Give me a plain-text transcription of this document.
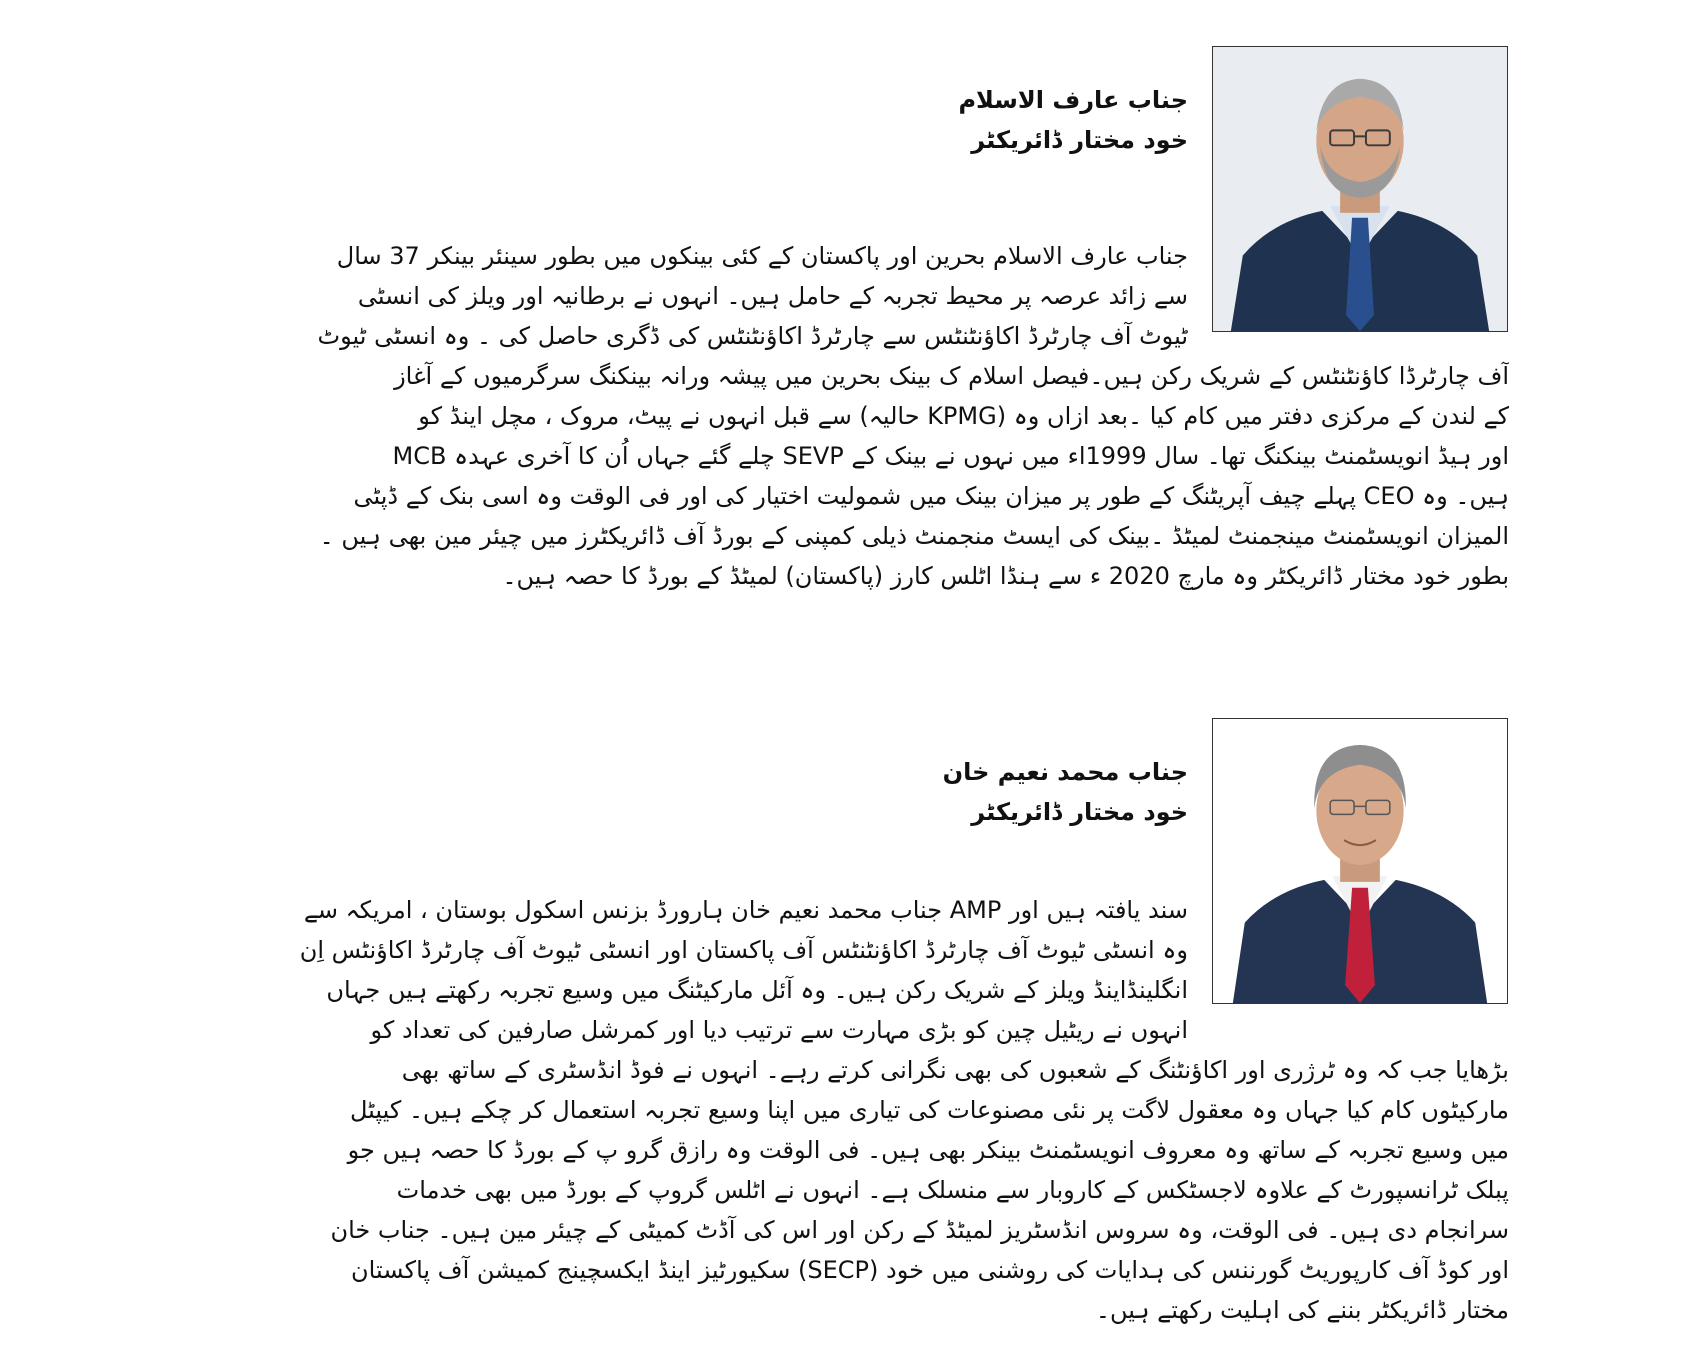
جناب عارف الاسلام
خود مختار ڈائریکٹر
جناب عارف الاسلام بحرین اور پاکستان کے کئی بینکوں میں بطور سینئر بینکر 37 سال
سے زائد عرصہ پر محیط تجربہ کے حامل ہیں۔ انہوں نے برطانیہ اور ویلز کی انسٹی
ٹیوٹ آف چارٹرڈ اکاؤنٹنٹس سے چارٹرڈ اکاؤنٹنٹس کی ڈگری حاصل کی ۔ وہ انسٹی ٹیوٹ
آف چارٹرڈا کاؤنٹنٹس کے شریک رکن ہیں۔فیصل اسلام ک بینک بحرین میں پیشہ ورانہ بینکنگ سرگرمیوں کے آغاز
کے لندن کے مرکزی دفتر میں کام کیا ۔بعد ازاں وہ (KPMG حالیہ) سے قبل انہوں نے پیٹ، مروک ، مچل اینڈ کو
اور ہیڈ انویسٹمنٹ بینکنگ تھا۔ سال 1999اء میں نہوں نے بینک کے SEVP چلے گئے جہاں اُن کا آخری عہدہ MCB
ہیں۔ وہ CEO پہلے چیف آپریٹنگ کے طور پر میزان بینک میں شمولیت اختیار کی اور فی الوقت وہ اسی بنک کے ڈپٹی
المیزان انویسٹمنٹ مینجمنٹ لمیٹڈ ۔بینک کی ایسٹ منجمنٹ ذیلی کمپنی کے بورڈ آف ڈائریکٹرز میں چیئر مین بھی ہیں ۔
بطور خود مختار ڈائریکٹر وہ مارچ 2020 ء سے ہنڈا اٹلس کارز (پاکستان) لمیٹڈ کے بورڈ کا حصہ ہیں۔
جناب محمد نعیم خان
خود مختار ڈائریکٹر
سند یافتہ ہیں اور AMP جناب محمد نعیم خان ہارورڈ بزنس اسکول بوستان ، امریکہ سے
وہ انسٹی ٹیوٹ آف چارٹرڈ اکاؤنٹنٹس آف پاکستان اور انسٹی ٹیوٹ آف چارٹرڈ اکاؤنٹس اِن
انگلینڈاینڈ ویلز کے شریک رکن ہیں۔ وہ آئل مارکیٹنگ میں وسیع تجربہ رکھتے ہیں جہاں
انہوں نے ریٹیل چین کو بڑی مہارت سے ترتیب دیا اور کمرشل صارفین کی تعداد کو
بڑھایا جب کہ وہ ٹرژری اور اکاؤنٹنگ کے شعبوں کی بھی نگرانی کرتے رہے۔ انہوں نے فوڈ انڈسٹری کے ساتھ بھی
مارکیٹوں کام کیا جہاں وہ معقول لاگت پر نئی مصنوعات کی تیاری میں اپنا وسیع تجربہ استعمال کر چکے ہیں۔ کیپٹل
میں وسیع تجربہ کے ساتھ وہ معروف انویسٹمنٹ بینکر بھی ہیں۔ فی الوقت وہ رازق گرو پ کے بورڈ کا حصہ ہیں جو
پبلک ٹرانسپورٹ کے علاوہ لاجسٹکس کے کاروبار سے منسلک ہے۔ انہوں نے اٹلس گروپ کے بورڈ میں بھی خدمات
سرانجام دی ہیں۔ فی الوقت، وہ سروس انڈسٹریز لمیٹڈ کے رکن اور اس کی آڈٹ کمیٹی کے چیئر مین ہیں۔ جناب خان
اور کوڈ آف کارپوریٹ گورننس کی ہدایات کی روشنی میں خود (SECP) سکیورٹیز اینڈ ایکسچینج کمیشن آف پاکستان
مختار ڈائریکٹر بننے کی اہلیت رکھتے ہیں۔
